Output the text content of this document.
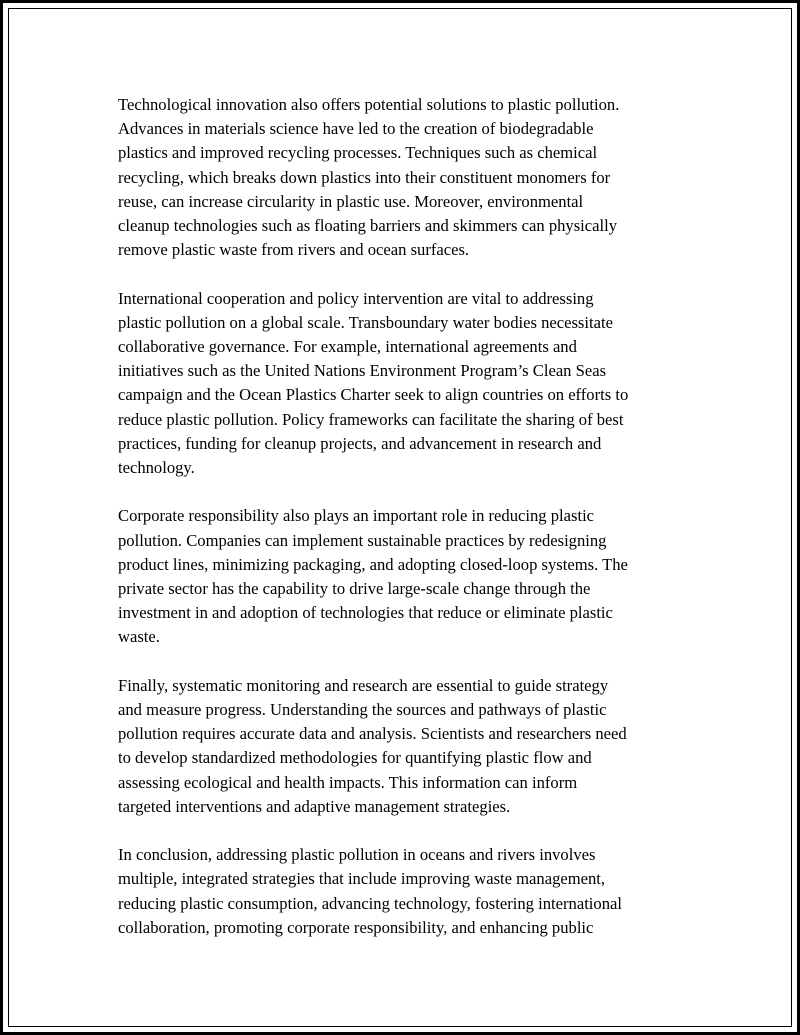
Technological innovation also offers potential solutions to plastic pollution.
Advances in materials science have led to the creation of biodegradable
plastics and improved recycling processes. Techniques such as chemical
recycling, which breaks down plastics into their constituent monomers for
reuse, can increase circularity in plastic use. Moreover, environmental
cleanup technologies such as floating barriers and skimmers can physically
remove plastic waste from rivers and ocean surfaces.

International cooperation and policy intervention are vital to addressing
plastic pollution on a global scale. Transboundary water bodies necessitate
collaborative governance. For example, international agreements and
initiatives such as the United Nations Environment Program’s Clean Seas
campaign and the Ocean Plastics Charter seek to align countries on efforts to
reduce plastic pollution. Policy frameworks can facilitate the sharing of best
practices, funding for cleanup projects, and advancement in research and
technology.

Corporate responsibility also plays an important role in reducing plastic
pollution. Companies can implement sustainable practices by redesigning
product lines, minimizing packaging, and adopting closed-loop systems. The
private sector has the capability to drive large-scale change through the
investment in and adoption of technologies that reduce or eliminate plastic
waste.

Finally, systematic monitoring and research are essential to guide strategy
and measure progress. Understanding the sources and pathways of plastic
pollution requires accurate data and analysis. Scientists and researchers need
to develop standardized methodologies for quantifying plastic flow and
assessing ecological and health impacts. This information can inform
targeted interventions and adaptive management strategies.

In conclusion, addressing plastic pollution in oceans and rivers involves
multiple, integrated strategies that include improving waste management,
reducing plastic consumption, advancing technology, fostering international
collaboration, promoting corporate responsibility, and enhancing public
